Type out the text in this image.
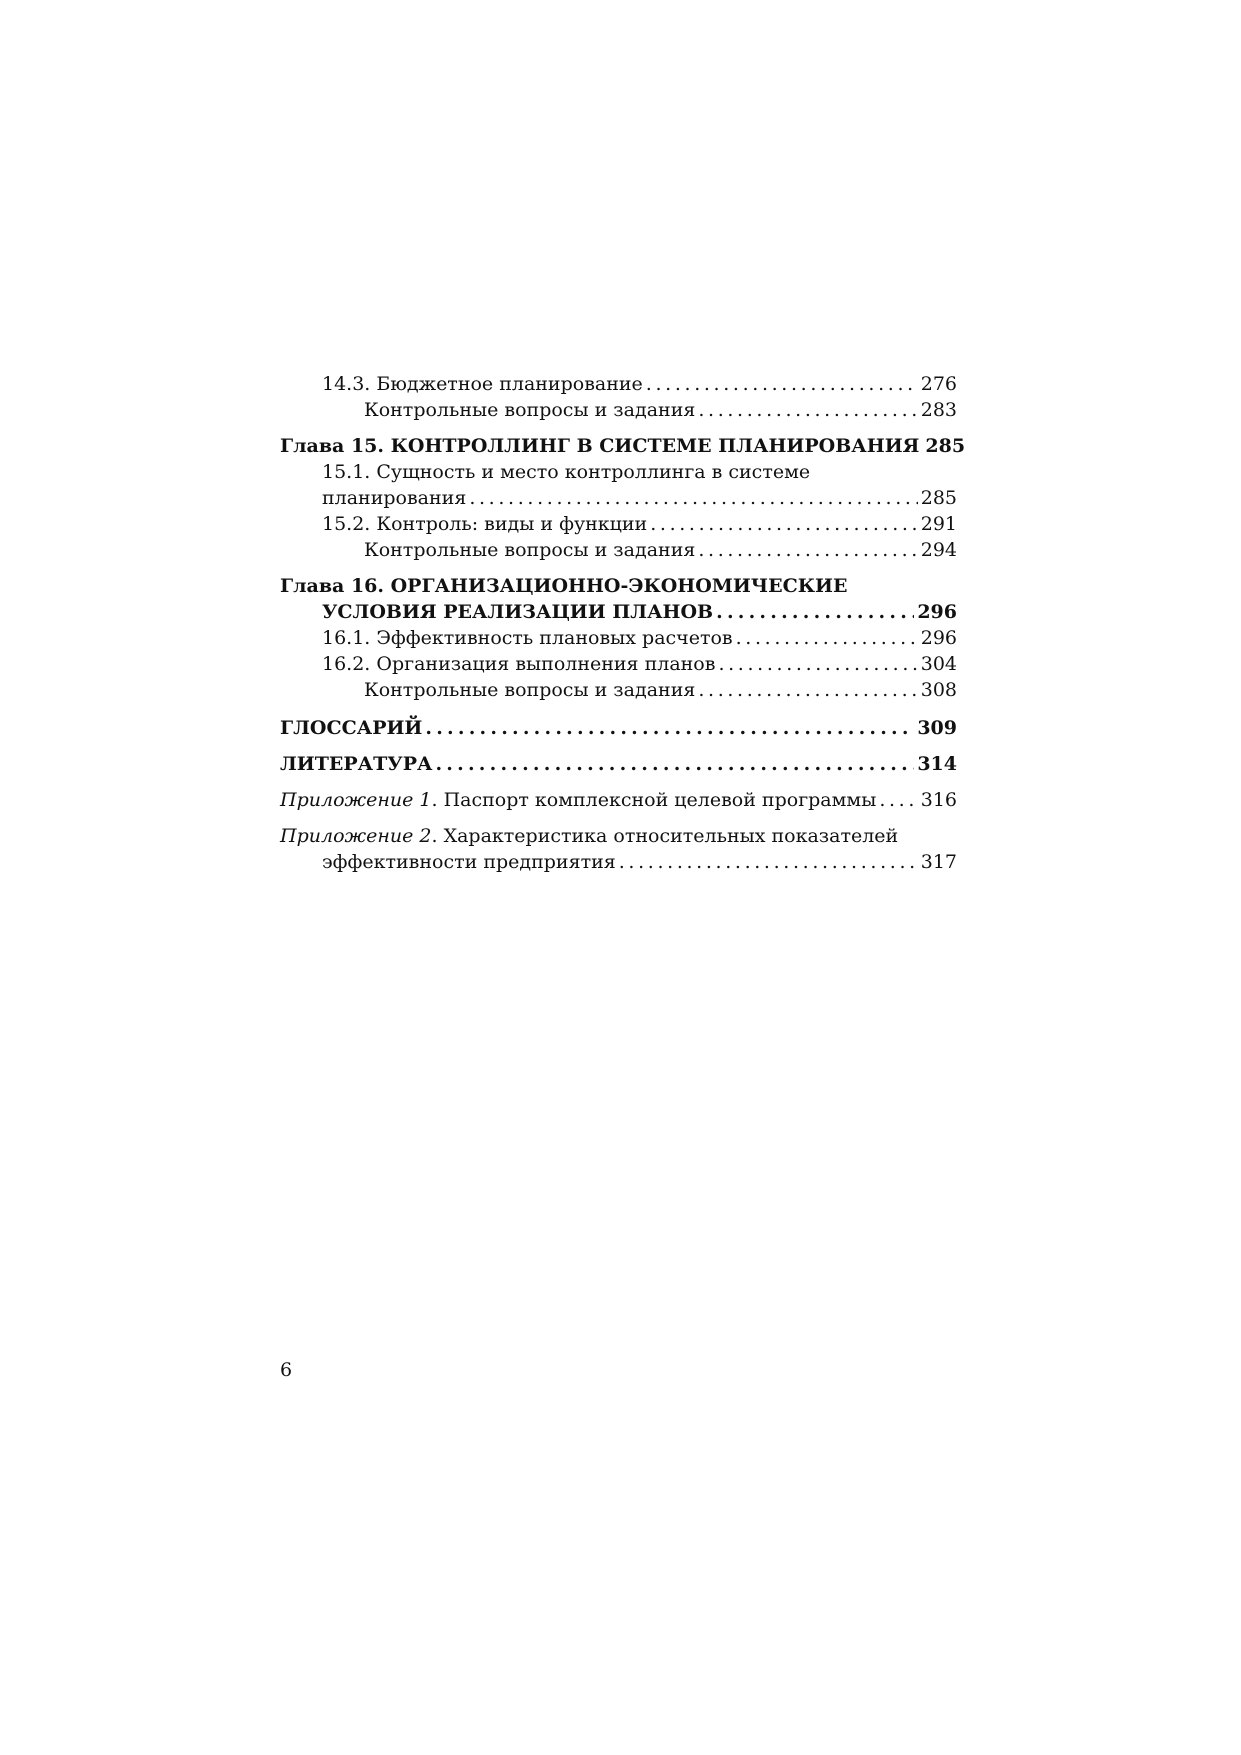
14.3. Бюджетное планирование . . .	276
Контрольные вопросы и задания . . .	283
Глава 15. КОНТРОЛЛИНГ В СИСТЕМЕ ПЛАНИРОВАНИЯ 285
15.1. Сущность и место контроллинга в системе
планирования . . .	285
15.2. Контроль: виды и функции . . .	291
Контрольные вопросы и задания . . .	294
Глава 16. ОРГАНИЗАЦИОННО-ЭКОНОМИЧЕСКИЕ
УСЛОВИЯ РЕАЛИЗАЦИИ ПЛАНОВ . . .	296
16.1. Эффективность плановых расчетов . . .	296
16.2. Организация выполнения планов . . .	304
Контрольные вопросы и задания . . .	308
ГЛОССАРИЙ . . .	309
ЛИТЕРАТУРА . . .	314
Приложение 1 . Паспорт комплексной целевой программы . . . 316
Приложение 2 . Характеристика относительных показателей
эффективности предприятия . . .	317
6
